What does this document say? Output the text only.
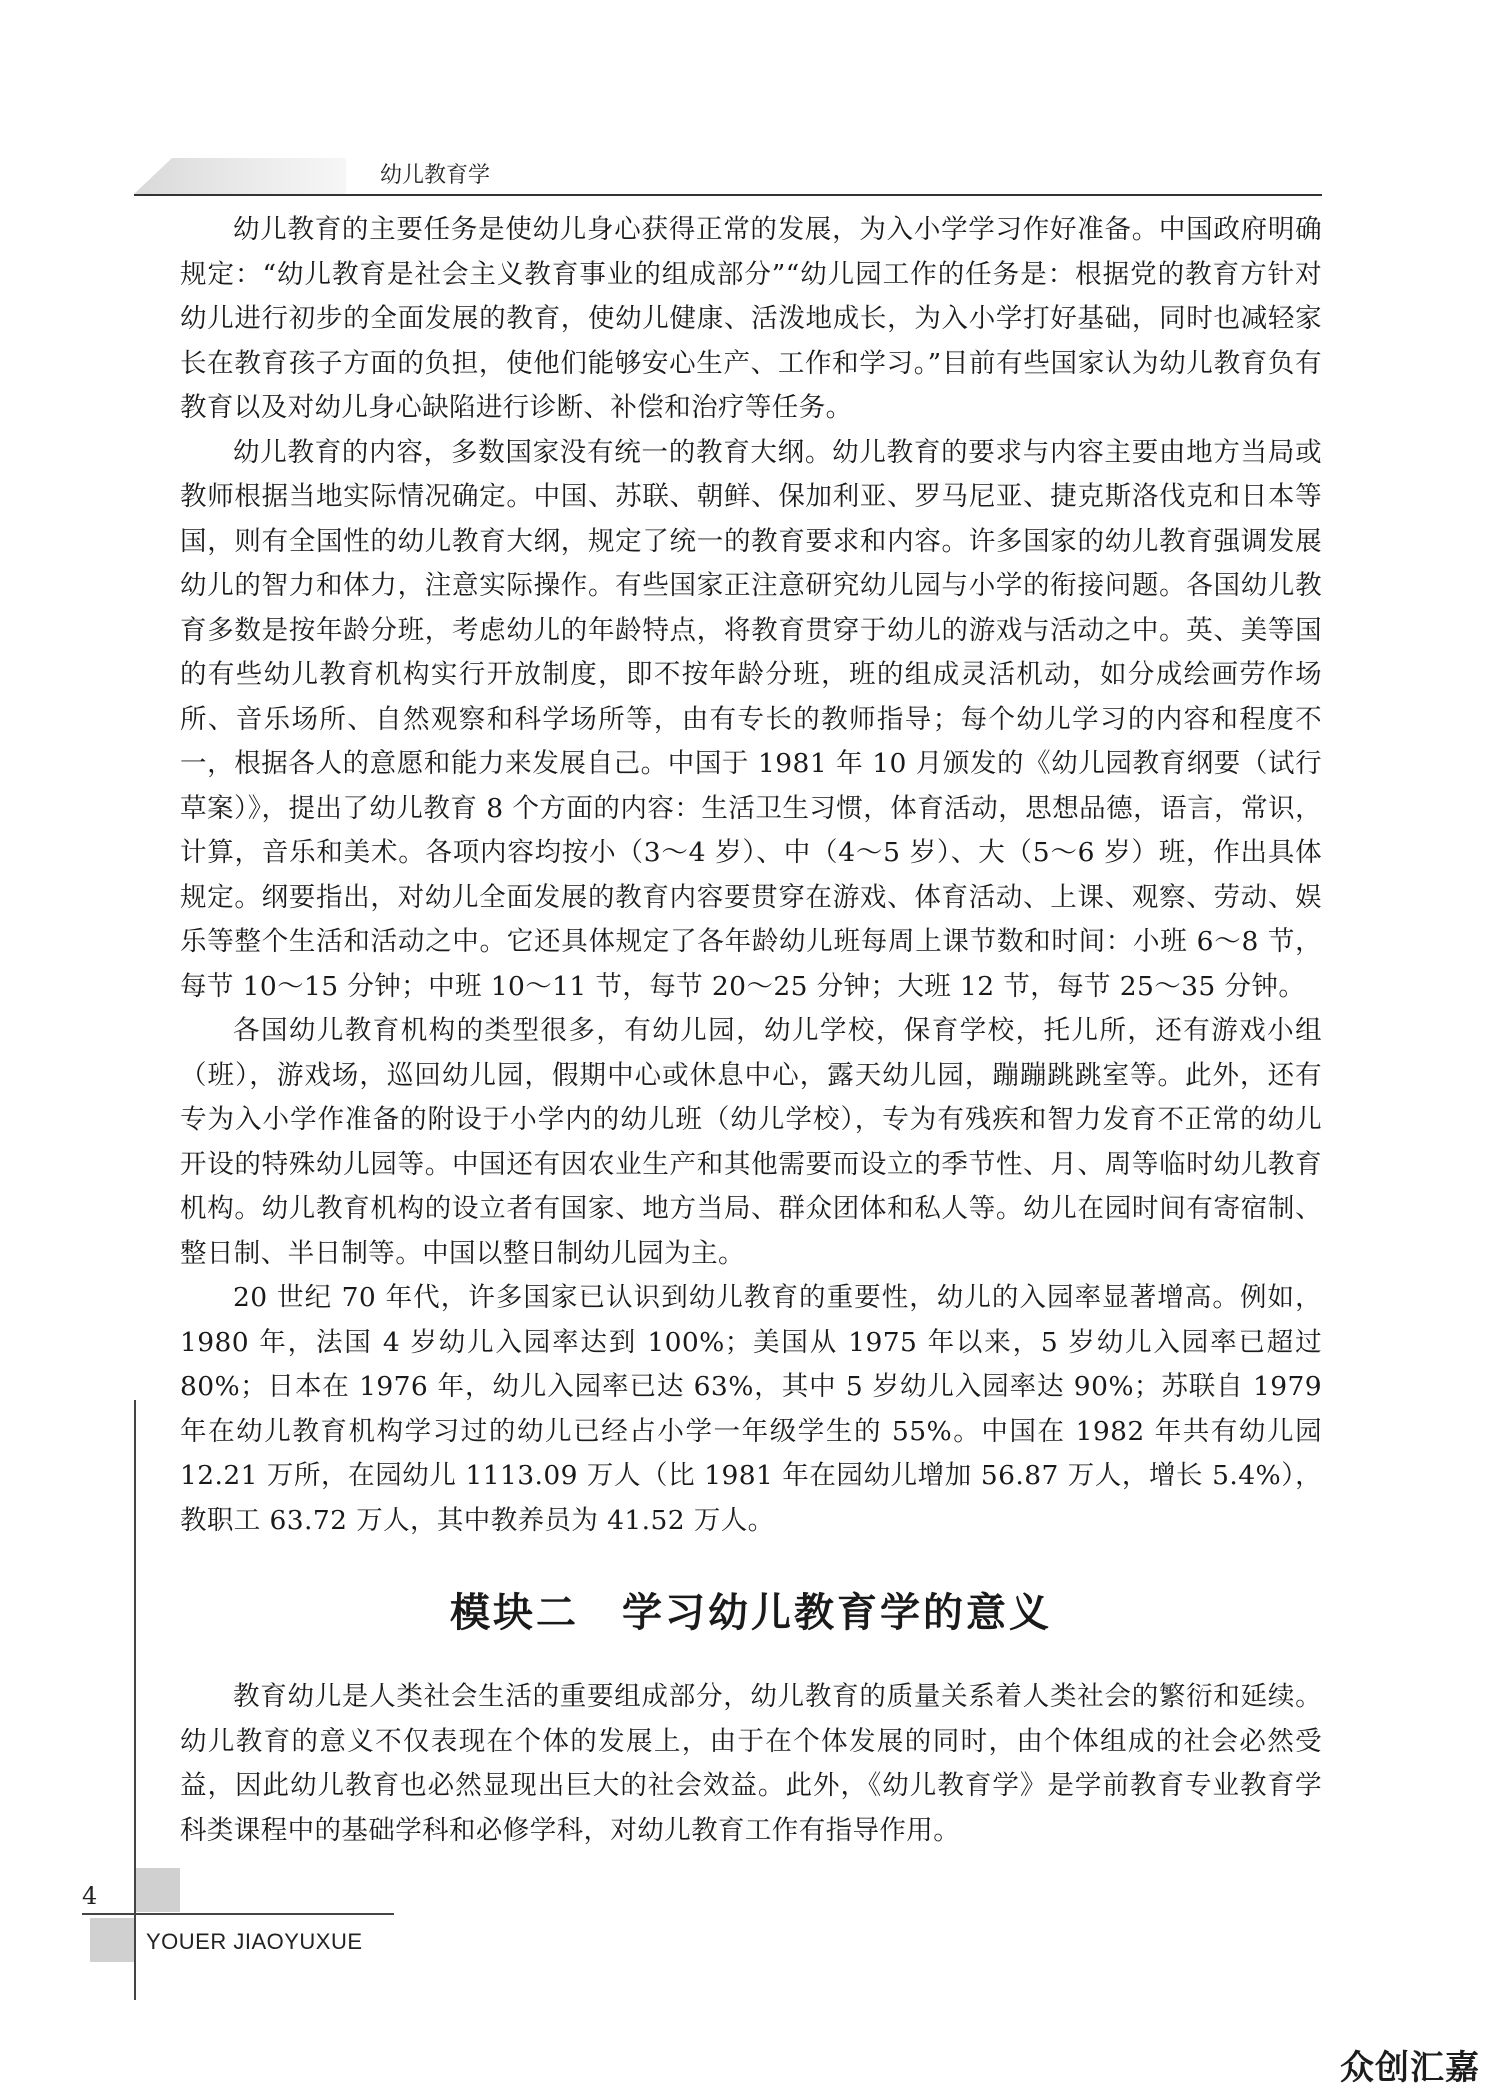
幼儿教育学

幼儿教育的主要任务是使幼儿身心获得正常的发展，为入小学学习作好准备。中国政府明确规定：“幼儿教育是社会主义教育事业的组成部分”“幼儿园工作的任务是：根据党的教育方针对幼儿进行初步的全面发展的教育，使幼儿健康、活泼地成长，为入小学打好基础，同时也减轻家长在教育孩子方面的负担，使他们能够安心生产、工作和学习。”目前有些国家认为幼儿教育负有教育以及对幼儿身心缺陷进行诊断、补偿和治疗等任务。

幼儿教育的内容，多数国家没有统一的教育大纲。幼儿教育的要求与内容主要由地方当局或教师根据当地实际情况确定。中国、苏联、朝鲜、保加利亚、罗马尼亚、捷克斯洛伐克和日本等国，则有全国性的幼儿教育大纲，规定了统一的教育要求和内容。许多国家的幼儿教育强调发展幼儿的智力和体力，注意实际操作。有些国家正注意研究幼儿园与小学的衔接问题。各国幼儿教育多数是按年龄分班，考虑幼儿的年龄特点，将教育贯穿于幼儿的游戏与活动之中。英、美等国的有些幼儿教育机构实行开放制度，即不按年龄分班，班的组成灵活机动，如分成绘画劳作场所、音乐场所、自然观察和科学场所等，由有专长的教师指导；每个幼儿学习的内容和程度不一，根据各人的意愿和能力来发展自己。中国于 1981 年 10 月颁发的《幼儿园教育纲要（试行草案）》，提出了幼儿教育 8 个方面的内容：生活卫生习惯，体育活动，思想品德，语言，常识，计算，音乐和美术。各项内容均按小（3～4 岁）、中（4～5 岁）、大（5～6 岁）班，作出具体规定。纲要指出，对幼儿全面发展的教育内容要贯穿在游戏、体育活动、上课、观察、劳动、娱乐等整个生活和活动之中。它还具体规定了各年龄幼儿班每周上课节数和时间：小班 6～8 节，每节 10～15 分钟；中班 10～11 节，每节 20～25 分钟；大班 12 节，每节 25～35 分钟。

各国幼儿教育机构的类型很多，有幼儿园，幼儿学校，保育学校，托儿所，还有游戏小组（班），游戏场，巡回幼儿园，假期中心或休息中心，露天幼儿园，蹦蹦跳跳室等。此外，还有专为入小学作准备的附设于小学内的幼儿班（幼儿学校），专为有残疾和智力发育不正常的幼儿开设的特殊幼儿园等。中国还有因农业生产和其他需要而设立的季节性、月、周等临时幼儿教育机构。幼儿教育机构的设立者有国家、地方当局、群众团体和私人等。幼儿在园时间有寄宿制、整日制、半日制等。中国以整日制幼儿园为主。

20 世纪 70 年代，许多国家已认识到幼儿教育的重要性，幼儿的入园率显著增高。例如，1980 年，法国 4 岁幼儿入园率达到 100%；美国从 1975 年以来，5 岁幼儿入园率已超过 80%；日本在 1976 年，幼儿入园率已达 63%，其中 5 岁幼儿入园率达 90%；苏联自 1979 年在幼儿教育机构学习过的幼儿已经占小学一年级学生的 55%。中国在 1982 年共有幼儿园 12.21 万所，在园幼儿 1113.09 万人（比 1981 年在园幼儿增加 56.87 万人，增长 5.4%），教职工 63.72 万人，其中教养员为 41.52 万人。

模块二　学习幼儿教育学的意义

教育幼儿是人类社会生活的重要组成部分，幼儿教育的质量关系着人类社会的繁衍和延续。幼儿教育的意义不仅表现在个体的发展上，由于在个体发展的同时，由个体组成的社会必然受益，因此幼儿教育也必然显现出巨大的社会效益。此外，《幼儿教育学》是学前教育专业教育学科类课程中的基础学科和必修学科，对幼儿教育工作有指导作用。

4
YOUER JIAOYUXUE
众创汇嘉
